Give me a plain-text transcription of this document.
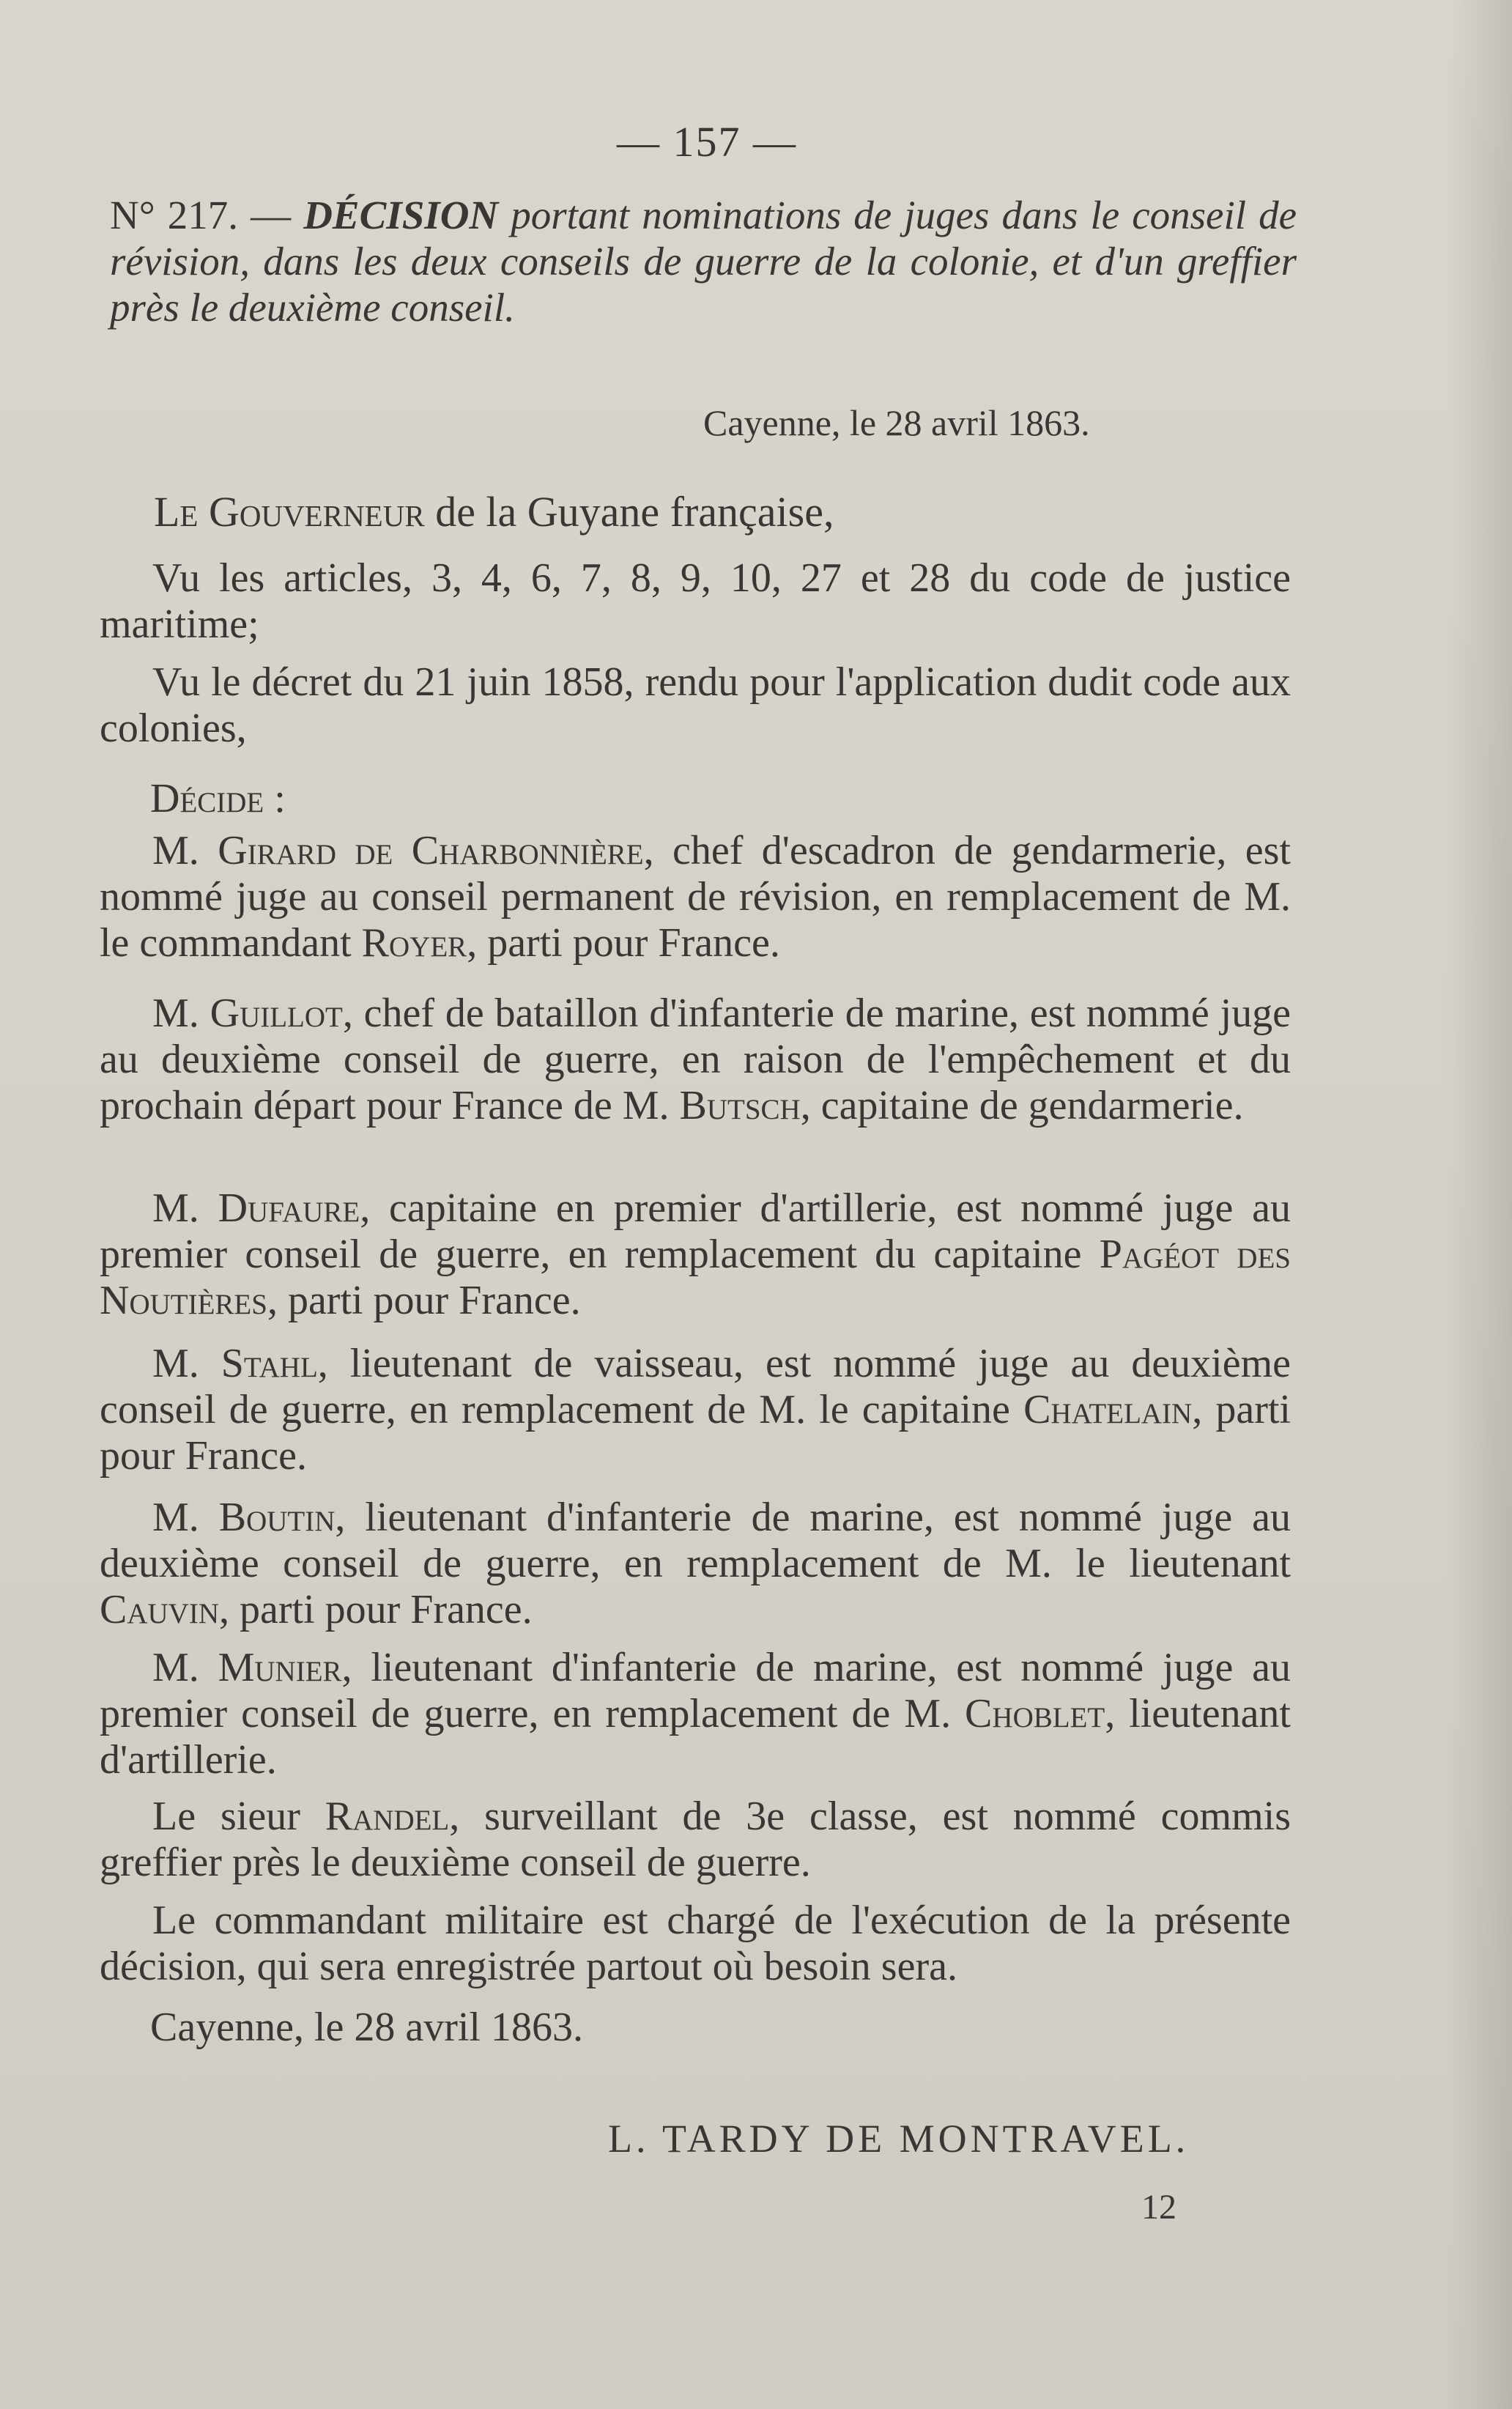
— 157 —
N° 217. — DÉCISION portant nominations de juges dans le conseil de révision, dans les deux conseils de guerre de la colonie, et d'un greffier près le deuxième conseil.
Cayenne, le 28 avril 1863.
Le Gouverneur de la Guyane française,
Vu les articles, 3, 4, 6, 7, 8, 9, 10, 27 et 28 du code de justice maritime;
Vu le décret du 21 juin 1858, rendu pour l'application dudit code aux colonies,
Décide :
M. Girard de Charbonnière, chef d'escadron de gendarmerie, est nommé juge au conseil permanent de révision, en remplacement de M. le commandant Royer, parti pour France.
M. Guillot, chef de bataillon d'infanterie de marine, est nommé juge au deuxième conseil de guerre, en raison de l'empêchement et du prochain départ pour France de M. Butsch, capitaine de gendarmerie.
M. Dufaure, capitaine en premier d'artillerie, est nommé juge au premier conseil de guerre, en remplacement du capitaine Pagéot des Noutières, parti pour France.
M. Stahl, lieutenant de vaisseau, est nommé juge au deuxième conseil de guerre, en remplacement de M. le capitaine Chatelain, parti pour France.
M. Boutin, lieutenant d'infanterie de marine, est nommé juge au deuxième conseil de guerre, en remplacement de M. le lieutenant Cauvin, parti pour France.
M. Munier, lieutenant d'infanterie de marine, est nommé juge au premier conseil de guerre, en remplacement de M. Choblet, lieutenant d'artillerie.
Le sieur Randel, surveillant de 3e classe, est nommé commis greffier près le deuxième conseil de guerre.
Le commandant militaire est chargé de l'exécution de la présente décision, qui sera enregistrée partout où besoin sera.
Cayenne, le 28 avril 1863.
L. TARDY DE MONTRAVEL.
12
